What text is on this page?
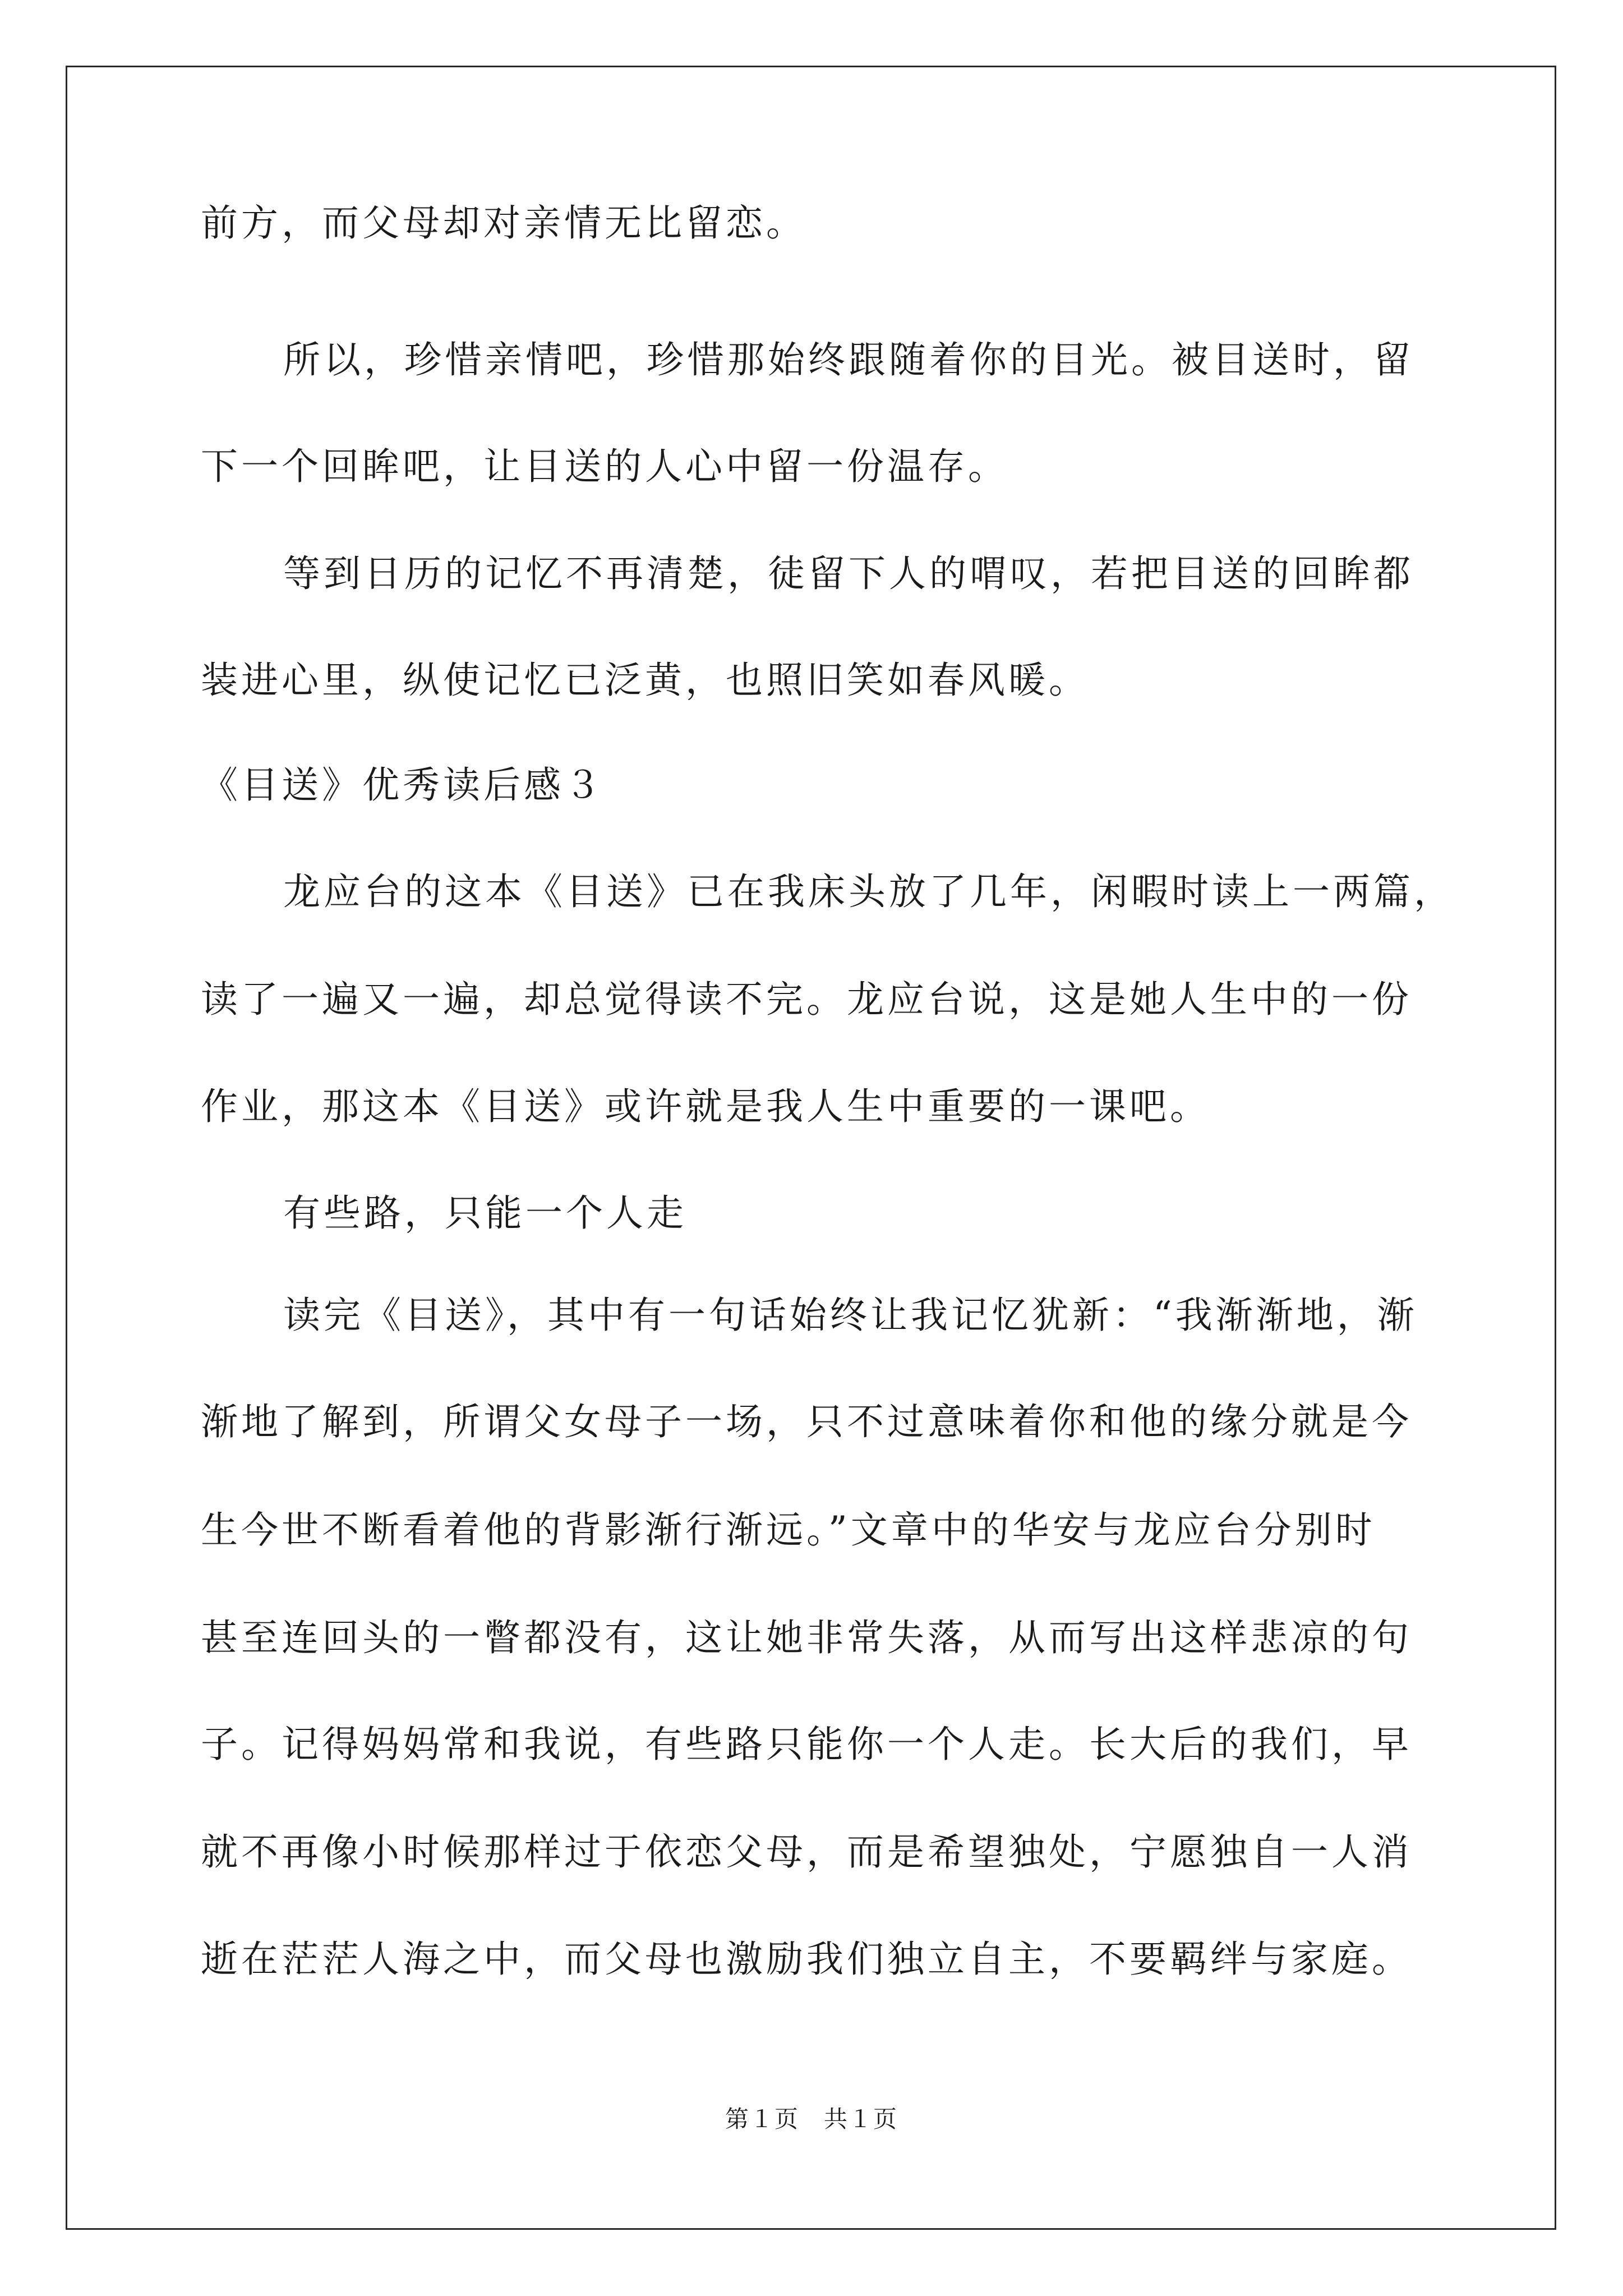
前方，而父母却对亲情无比留恋。
所以，珍惜亲情吧，珍惜那始终跟随着你的目光。被目送时，留
下一个回眸吧，让目送的人心中留一份温存。
等到日历的记忆不再清楚，徒留下人的喟叹，若把目送的回眸都
装进心里，纵使记忆已泛黄，也照旧笑如春风暖。
《目送》优秀读后感３
龙应台的这本《目送》已在我床头放了几年，闲暇时读上一两篇，
读了一遍又一遍，却总觉得读不完。龙应台说，这是她人生中的一份
作业，那这本《目送》或许就是我人生中重要的一课吧。
有些路，只能一个人走
读完《目送》，其中有一句话始终让我记忆犹新：“我渐渐地，渐
渐地了解到，所谓父女母子一场，只不过意味着你和他的缘分就是今
生今世不断看着他的背影渐行渐远。”文章中的华安与龙应台分别时
甚至连回头的一瞥都没有，这让她非常失落，从而写出这样悲凉的句
子。记得妈妈常和我说，有些路只能你一个人走。长大后的我们，早
就不再像小时候那样过于依恋父母，而是希望独处，宁愿独自一人消
逝在茫茫人海之中，而父母也激励我们独立自主，不要羁绊与家庭。
第１页　共１页
